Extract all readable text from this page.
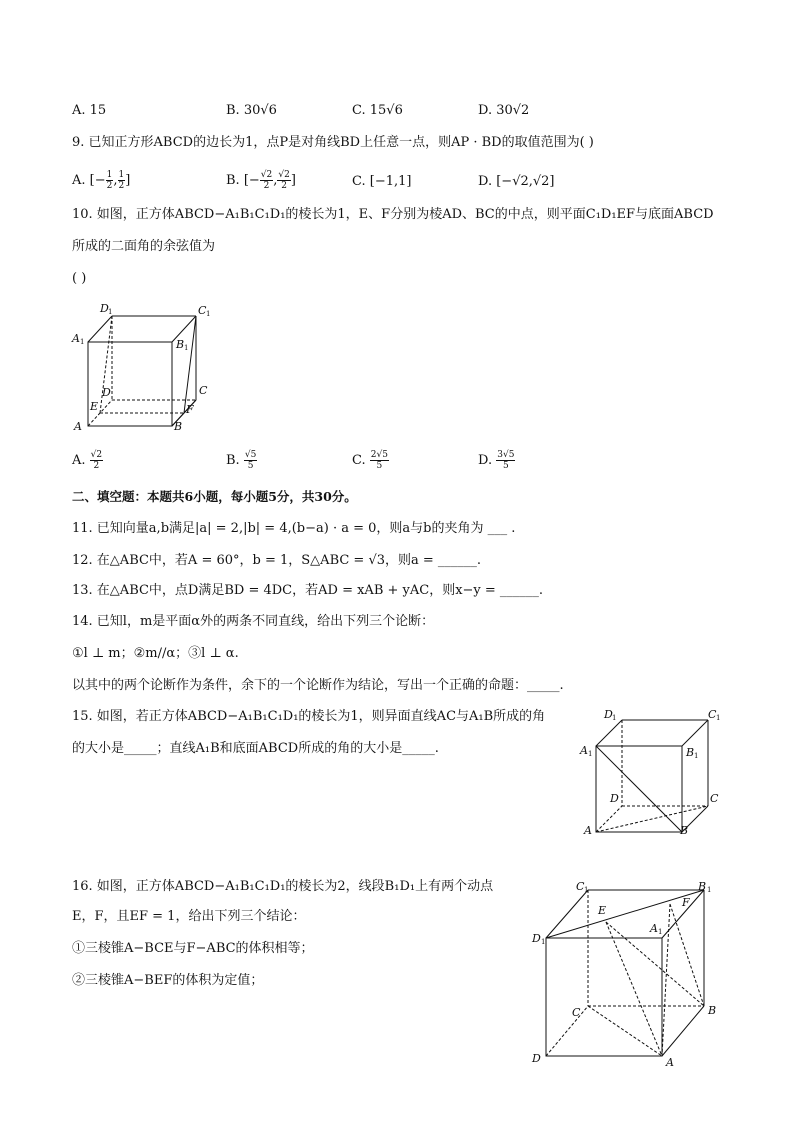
A. 15	B. 30√6	C. 15√6	D. 30√2
9. 已知正方形ABCD的边长为1，点P是对角线BD上任意一点，则AP · BD的取值范围为( )
A. [− $\frac{1}{2}$ , $\frac{1}{2}$ ]	B. [− $\frac{√2}{2}$ , $\frac{√2}{2}$ ]	C. [−1,1]	D. [−√2,√2]
10. 如图，正方体ABCD−A₁B₁C₁D₁的棱长为1，E、F分别为棱AD、BC的中点，则平面C₁D₁EF与底面ABCD
所成的二面角的余弦值为
( )
D 1	C 1
A 1	B 1
D	C
A	B
E	F
A. $\frac{√2}{2}$	B. $\frac{√5}{5}$	C. $\frac{2√5}{5}$	D. $\frac{3√5}{5}$
二、填空题：本题共6小题，每小题5分，共30分。
11. 已知向量a,b满足|a| = 2,|b| = 4,(b−a) · a = 0，则a与b的夹角为 ___ .
12. 在△ABC中，若A = 60°，b = 1，S△ABC = √3，则a = ______.
13. 在△ABC中，点D满足BD = 4DC，若AD = xAB + yAC，则x−y = ______.
14. 已知l，m是平面α外的两条不同直线，给出下列三个论断：
①l ⊥ m；②m//α；③l ⊥ α.
以其中的两个论断作为条件，余下的一个论断作为结论，写出一个正确的命题：_____.
15. 如图，若正方体ABCD−A₁B₁C₁D₁的棱长为1，则异面直线AC与A₁B所成的角
的大小是_____；直线A₁B和底面ABCD所成的角的大小是_____.
D 1	C 1
A 1	B 1
D	C
A	B
16. 如图，正方体ABCD−A₁B₁C₁D₁的棱长为2，线段B₁D₁上有两个动点
E，F，且EF = 1，给出下列三个结论：
①三棱锥A−BCE与F−ABC的体积相等；
②三棱锥A−BEF的体积为定值；
C 1	B 1
D 1
E
F
A 1
C	B
D	A
